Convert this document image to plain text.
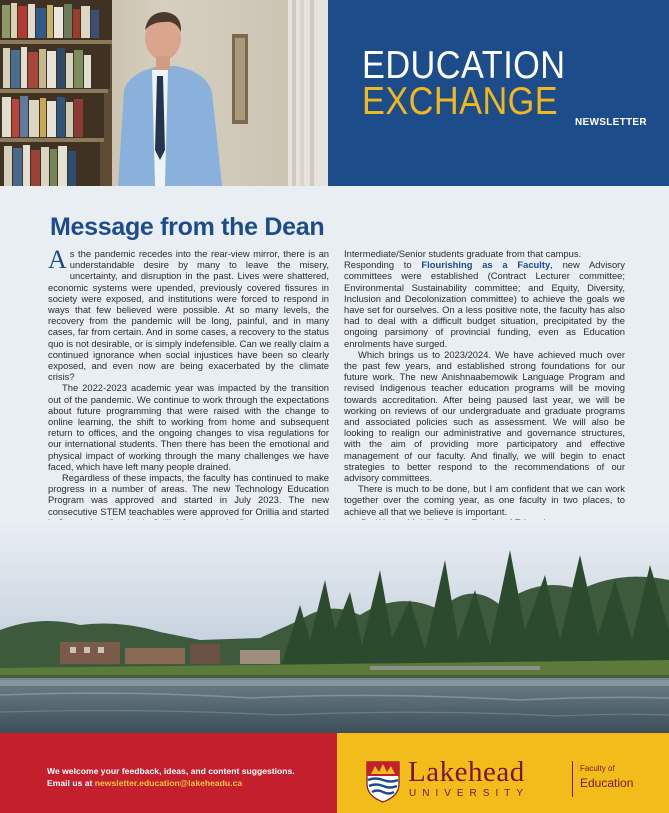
EDUCATION
EXCHANGE NEWSLETTER
Message from the Dean

As the pandemic recedes into the rear-view mirror, there is an understandable desire by many to leave the misery, uncertainty, and disruption in the past. Lives were shattered, economic systems were upended, previously covered fissures in society were exposed, and institutions were forced to respond in ways that few believed were possible. At so many levels, the recovery from the pandemic will be long, painful, and in many cases, far from certain. And in some cases, a recovery to the status quo is not desirable, or is simply indefensible. Can we really claim a continued ignorance when social injustices have been so clearly exposed, and even now are being exacerbated by the climate crisis?

The 2022-2023 academic year was impacted by the transition out of the pandemic. We continue to work through the expectations about future programming that were raised with the change to online learning, the shift to working from home and subsequent return to offices, and the ongoing changes to visa regulations for our international students. Then there has been the emotional and physical impact of working through the many challenges we have faced, which have left many people drained.

Regardless of these impacts, the faculty has continued to make progress in a number of areas. The new Technology Education Program was approved and started in July 2023. The new consecutive STEM teachables were approved for Orillia and started

Intermediate/Senior students graduate from that campus.

Responding to Flourishing as a Faculty, new Advisory committees were established (Contract Lecturer committee; Environmental Sustainability committee; and Equity, Diversity, Inclusion and Decolonization committee) to achieve the goals we have set for ourselves. On a less positive note, the faculty has also had to deal with a difficult budget situation, precipitated by the ongoing parsimony of provincial funding, even as Education enrolments have surged.

Which brings us to 2023/2024. We have achieved much over the past few years, and established strong foundations for our future work. The new Anishnaabemowik Language Program and revised Indigenous teacher education programs will be moving towards accreditation. After being paused last year, we will be working on reviews of our undergraduate and graduate programs and associated policies such as assessment. We will also be looking to realign our administrative and governance structures, with the aim of providing more participatory and effective management of our faculty. And finally, we will begin to enact strategies to better respond to the recommendations of our advisory committees.

There is much to be done, but I am confident that we can work together over the coming year, as one faculty in two places, to achieve all that we believe is important.

We welcome your feedback, ideas, and content suggestions.
Email us at newsletter.education@lakeheadu.ca	Lakehead
UNIVERSITY
Faculty of
Education
